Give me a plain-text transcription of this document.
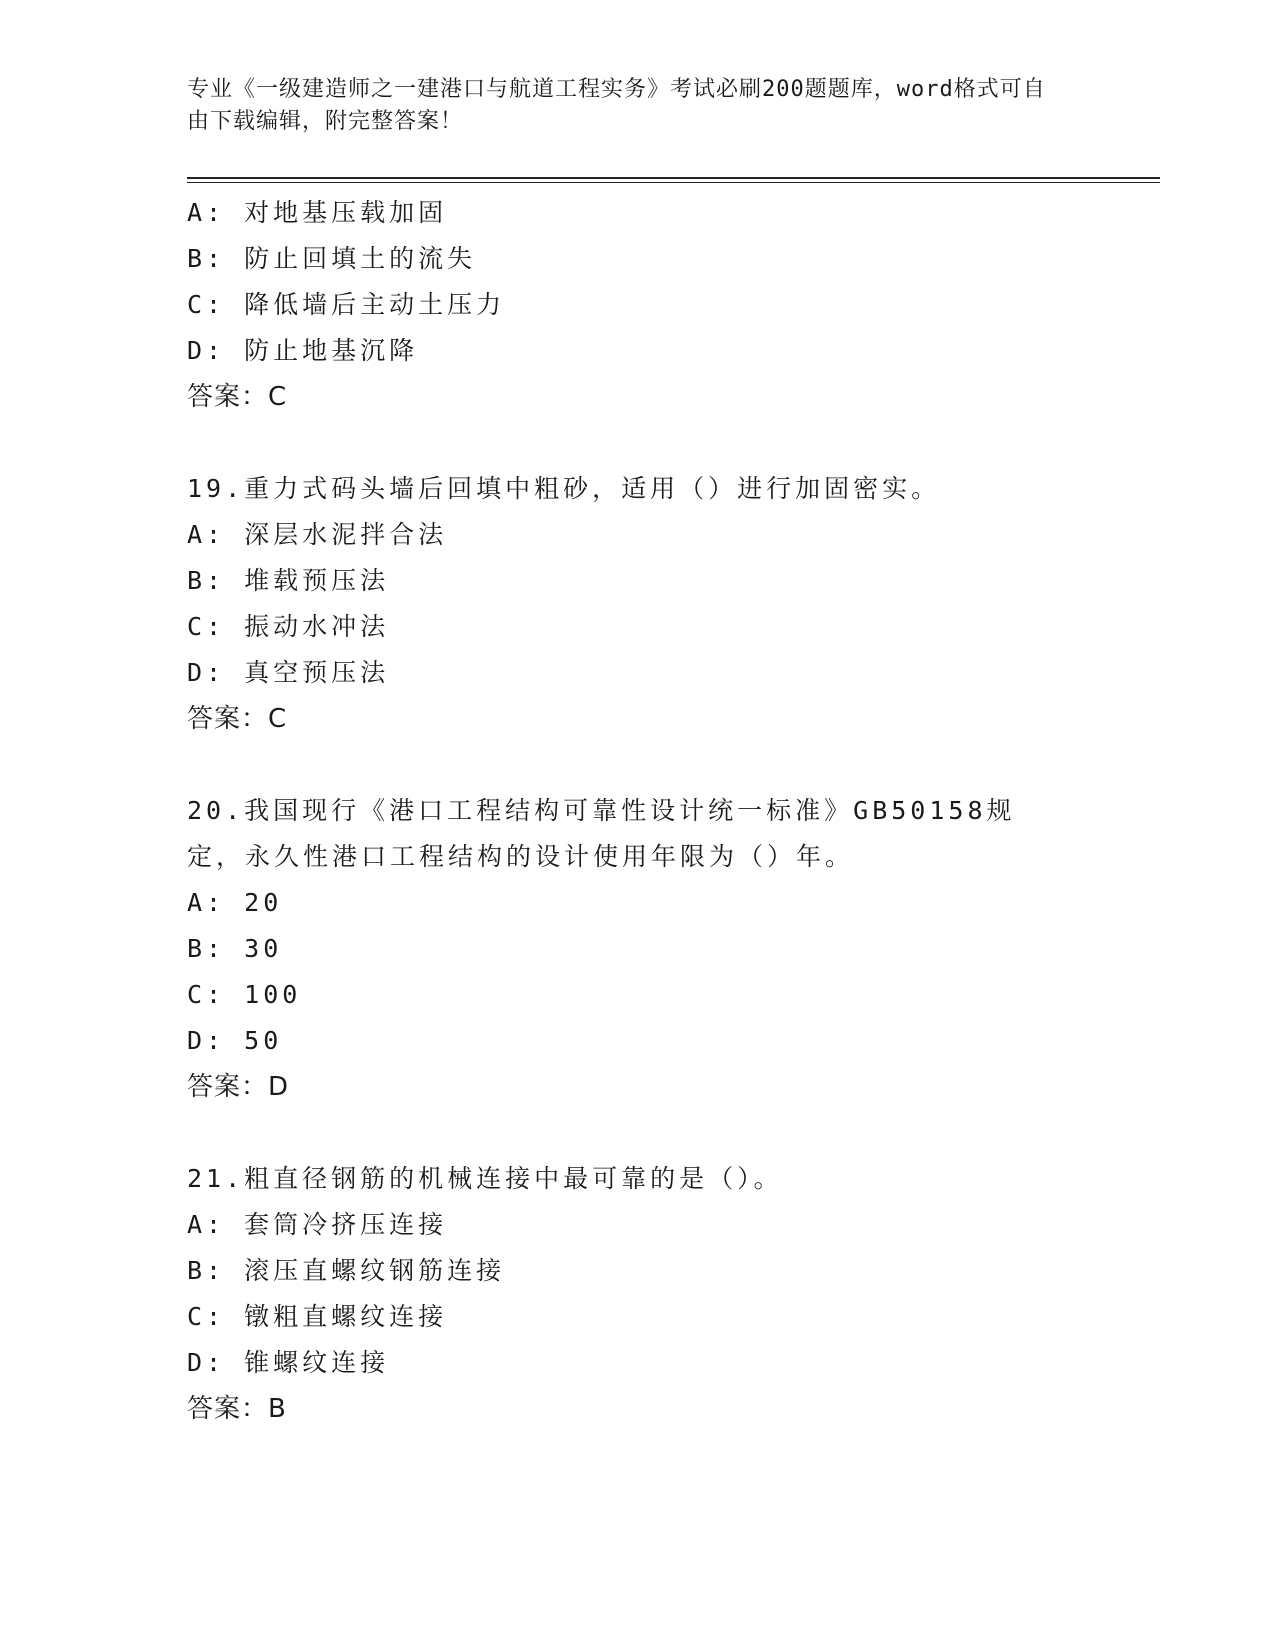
专业《一级建造师之一建港口与航道工程实务》考试必刷200题题库，word格式可自由下载编辑，附完整答案！
A: 对地基压载加固
B: 防止回填土的流失
C: 降低墙后主动土压力
D: 防止地基沉降
答案：C
19.重力式码头墙后回填中粗砂，适用（）进行加固密实。
A: 深层水泥拌合法
B: 堆载预压法
C: 振动水冲法
D: 真空预压法
答案：C
20.我国现行《港口工程结构可靠性设计统一标准》GB50158规定，永久性港口工程结构的设计使用年限为（）年。
A: 20
B: 30
C: 100
D: 50
答案：D
21.粗直径钢筋的机械连接中最可靠的是（）。
A: 套筒冷挤压连接
B: 滚压直螺纹钢筋连接
C: 镦粗直螺纹连接
D: 锥螺纹连接
答案：B
